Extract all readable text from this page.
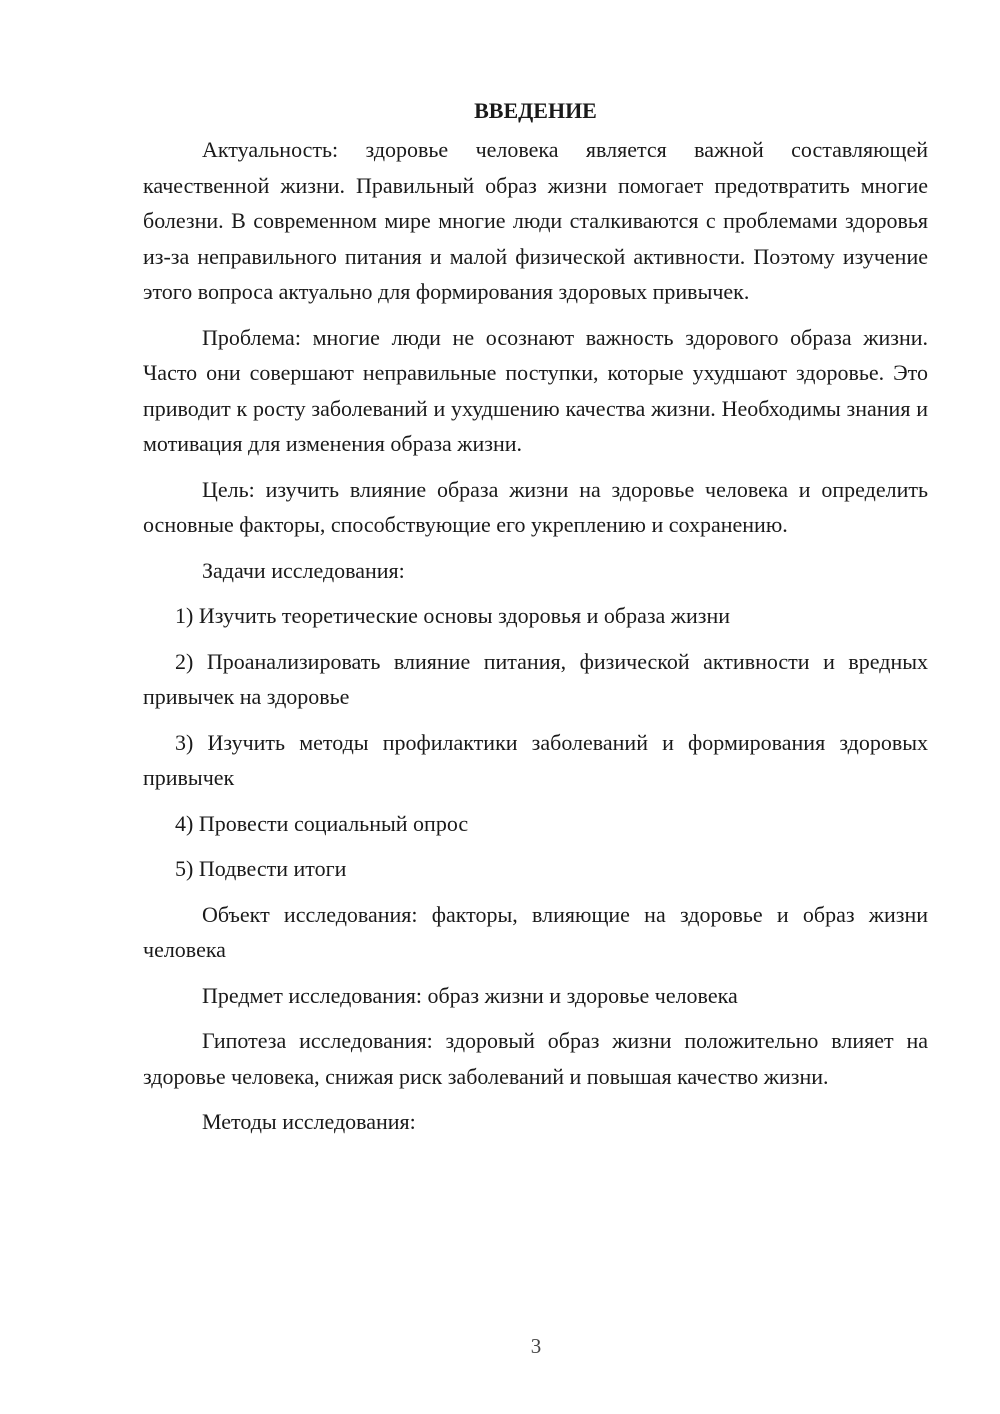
ВВЕДЕНИЕ

Актуальность: здоровье человека является важной составляющей качественной жизни. Правильный образ жизни помогает предотвратить многие болезни. В современном мире многие люди сталкиваются с проблемами здоровья из-за неправильного питания и малой физической активности. Поэтому изучение этого вопроса актуально для формирования здоровых привычек.

Проблема: многие люди не осознают важность здорового образа жизни. Часто они совершают неправильные поступки, которые ухудшают здоровье. Это приводит к росту заболеваний и ухудшению качества жизни. Необходимы знания и мотивация для изменения образа жизни.

Цель: изучить влияние образа жизни на здоровье человека и определить основные факторы, способствующие его укреплению и сохранению.

Задачи исследования:

1) Изучить теоретические основы здоровья и образа жизни

2) Проанализировать влияние питания, физической активности и вредных привычек на здоровье

3) Изучить методы профилактики заболеваний и формирования здоровых привычек

4) Провести социальный опрос

5) Подвести итоги

Объект исследования: факторы, влияющие на здоровье и образ жизни человека

Предмет исследования: образ жизни и здоровье человека

Гипотеза исследования: здоровый образ жизни положительно влияет на здоровье человека, снижая риск заболеваний и повышая качество жизни.

Методы исследования:

3
